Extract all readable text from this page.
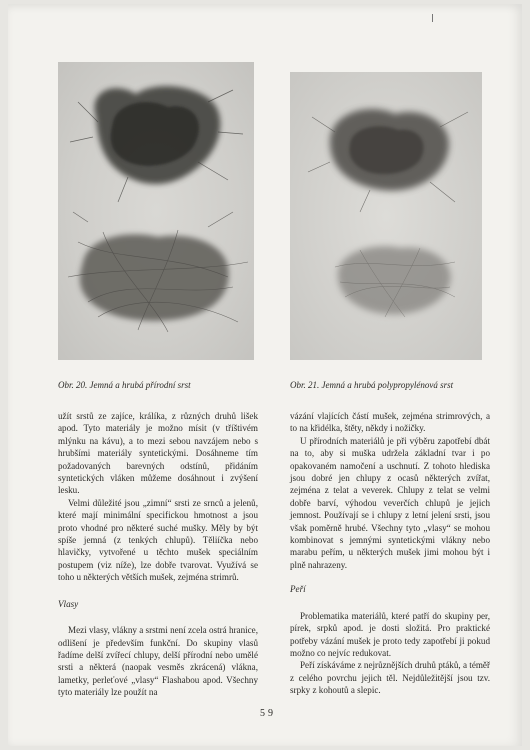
Obr. 20. Jemná a hrubá přírodní srst	Obr. 21. Jemná a hrubá polypropylénová srst

užít srstů ze zajíce, králíka, z různých druhů lišek apod. Tyto materiály je možno mísit (v tříštivém mlýnku na kávu), a to mezi sebou navzájem nebo s hrubšími materiály syntetickými. Dosáhneme tím požadovaných barevných odstínů, přidáním syntetických vláken můžeme dosáhnout i zvýšení lesku.

Velmi důležité jsou „zimní“ srsti ze srnců a jelenů, které mají minimální specifickou hmotnost a jsou proto vhodné pro některé suché mušky. Měly by být spíše jemná (z tenkých chlupů). Těliíčka nebo hlavičky, vytvořené u těchto mušek speciálním postupem (viz níže), lze dobře tvarovat. Využívá se toho u některých větších mušek, zejména strimrů.

Vlasy

Mezi vlasy, vlákny a srstmi není zcela ostrá hranice, odlišení je především funkční. Do skupiny vlasů řadíme delší zvířecí chlupy, delší přírodní nebo umělé srsti a některá (naopak vesměs zkrácená) vlákna, lametky, perleťové „vlasy“ Flashabou apod. Všechny tyto materiály lze použít na

vázání vlajících částí mušek, zejména strimrových, a to na křidélka, štěty, někdy i nožičky.

U přírodních materiálů je při výběru zapotřebí dbát na to, aby si muška udržela základní tvar i po opakovaném namočení a uschnutí. Z tohoto hlediska jsou dobré jen chlupy z ocasů některých zvířat, zejména z telat a veverek. Chlupy z telat se velmi dobře barví, výhodou veverčích chlupů je jejich jemnost. Používají se i chlupy z letní jelení srsti, jsou však poměrně hrubé. Všechny tyto „vlasy“ se mohou kombinovat s jemnými syntetickými vlákny nebo marabu peřím, u některých mušek jimi mohou být i plně nahrazeny.

Peří

Problematika materiálů, které patří do skupiny per, pírek, srpků apod. je dosti složitá. Pro praktické potřeby vázání mušek je proto tedy zapotřebí ji pokud možno co nejvíc redukovat.

Peří získáváme z nejrůznějších druhů ptáků, a téměř z celého povrchu jejich těl. Nejdůležitější jsou tzv. srpky z kohoutů a slepic.

59
